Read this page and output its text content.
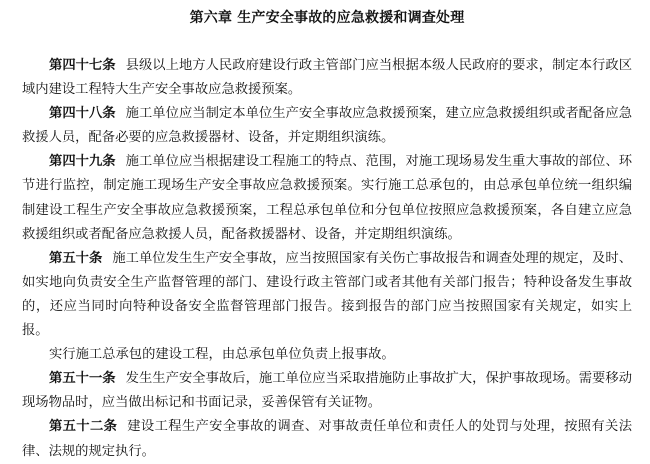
第六章 生产安全事故的应急救援和调查处理

第四十七条 县级以上地方人民政府建设行政主管部门应当根据本级人民政府的要求，制定本行政区域内建设工程特大生产安全事故应急救援预案。

第四十八条 施工单位应当制定本单位生产安全事故应急救援预案，建立应急救援组织或者配备应急救援人员，配备必要的应急救援器材、设备，并定期组织演练。

第四十九条 施工单位应当根据建设工程施工的特点、范围，对施工现场易发生重大事故的部位、环节进行监控，制定施工现场生产安全事故应急救援预案。实行施工总承包的，由总承包单位统一组织编制建设工程生产安全事故应急救援预案，工程总承包单位和分包单位按照应急救援预案，各自建立应急救援组织或者配备应急救援人员，配备救援器材、设备，并定期组织演练。

第五十条 施工单位发生生产安全事故，应当按照国家有关伤亡事故报告和调查处理的规定，及时、如实地向负责安全生产监督管理的部门、建设行政主管部门或者其他有关部门报告；特种设备发生事故的，还应当同时向特种设备安全监督管理部门报告。接到报告的部门应当按照国家有关规定，如实上报。

实行施工总承包的建设工程，由总承包单位负责上报事故。

第五十一条 发生生产安全事故后，施工单位应当采取措施防止事故扩大，保护事故现场。需要移动现场物品时，应当做出标记和书面记录，妥善保管有关证物。

第五十二条 建设工程生产安全事故的调查、对事故责任单位和责任人的处罚与处理，按照有关法律、法规的规定执行。
